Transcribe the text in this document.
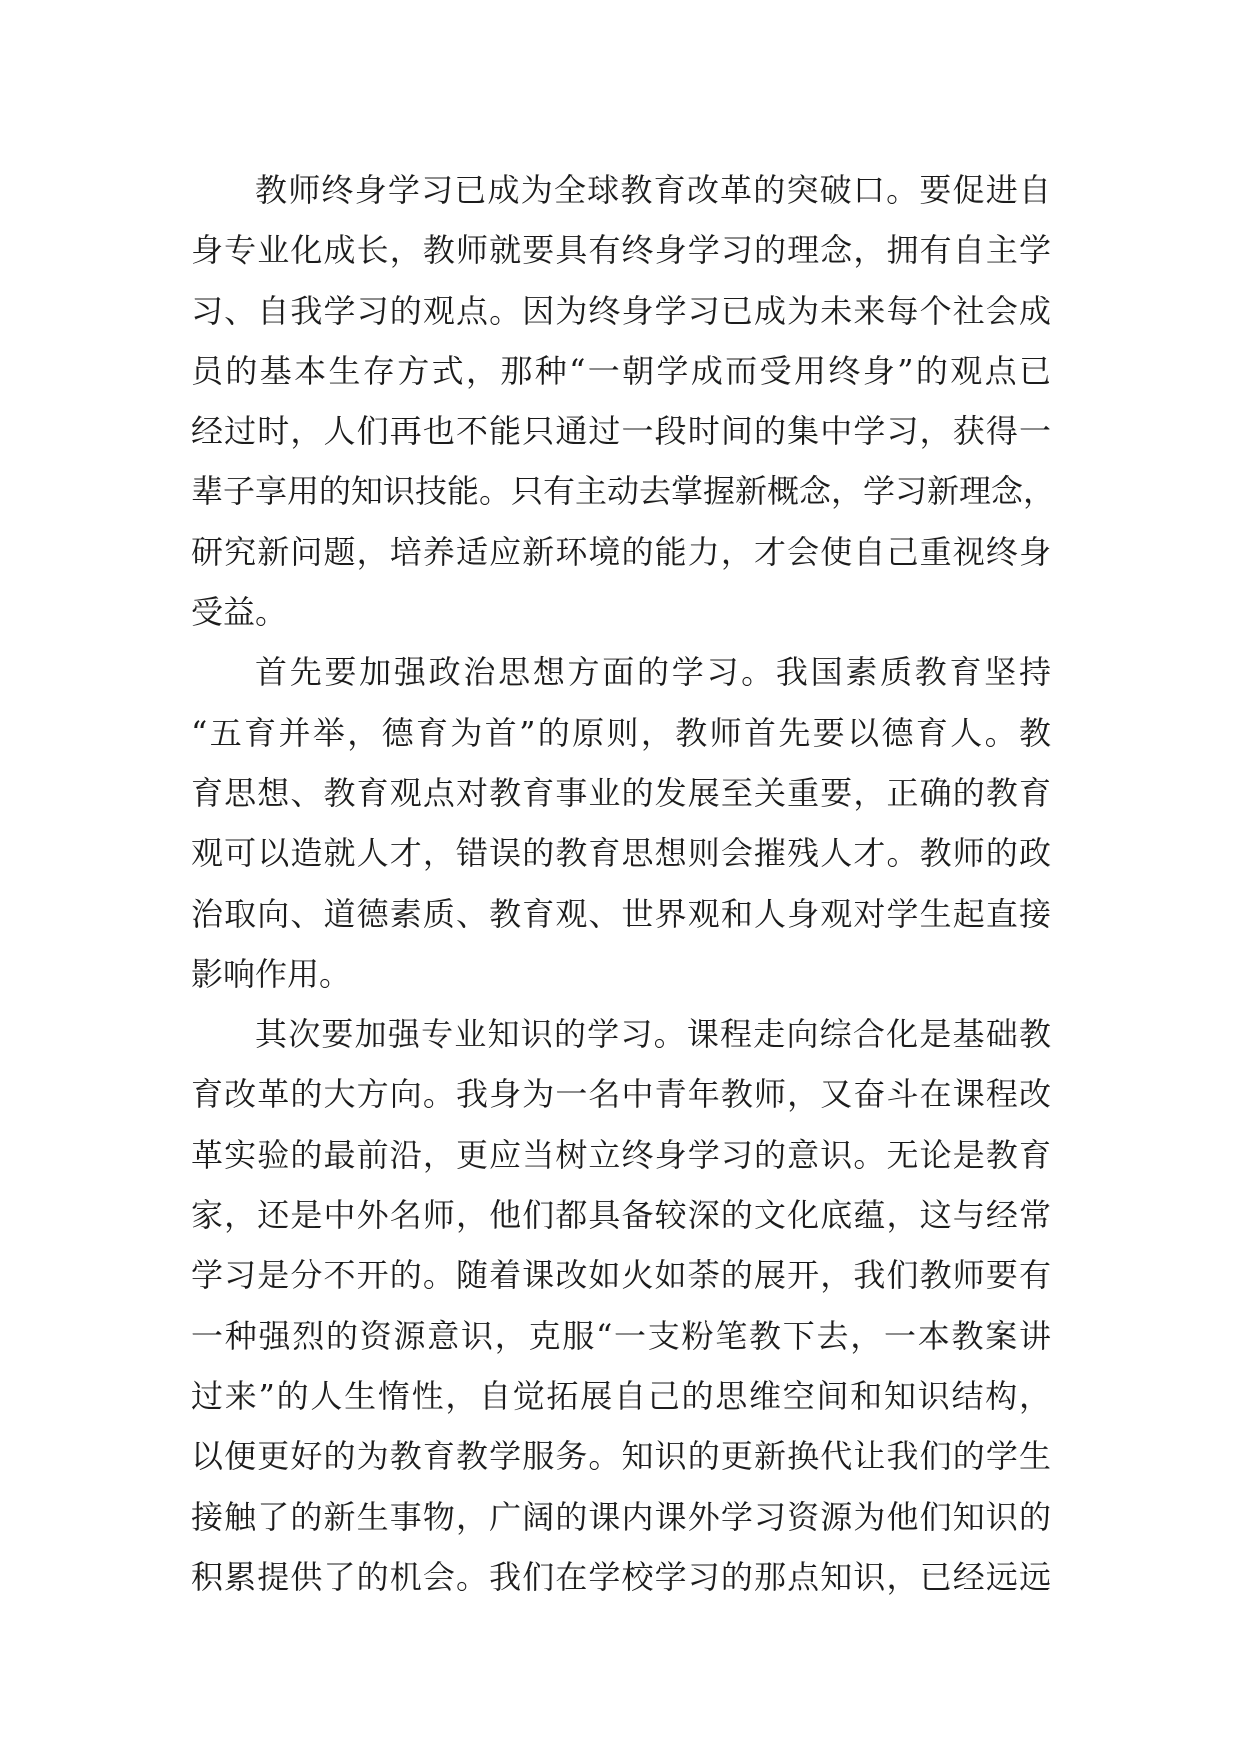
教师终身学习已成为全球教育改革的突破口。要促进自
身专业化成长，教师就要具有终身学习的理念，拥有自主学
习、自我学习的观点。因为终身学习已成为未来每个社会成
员的基本生存方式，那种“一朝学成而受用终身”的观点已
经过时，人们再也不能只通过一段时间的集中学习，获得一
辈子享用的知识技能。只有主动去掌握新概念，学习新理念，
研究新问题，培养适应新环境的能力，才会使自己重视终身
受益。
首先要加强政治思想方面的学习。我国素质教育坚持
“五育并举，德育为首”的原则，教师首先要以德育人。教
育思想、教育观点对教育事业的发展至关重要，正确的教育
观可以造就人才，错误的教育思想则会摧残人才。教师的政
治取向、道德素质、教育观、世界观和人身观对学生起直接
影响作用。
其次要加强专业知识的学习。课程走向综合化是基础教
育改革的大方向。我身为一名中青年教师，又奋斗在课程改
革实验的最前沿，更应当树立终身学习的意识。无论是教育
家，还是中外名师，他们都具备较深的文化底蕴，这与经常
学习是分不开的。随着课改如火如荼的展开，我们教师要有
一种强烈的资源意识，克服“一支粉笔教下去，一本教案讲
过来”的人生惰性，自觉拓展自己的思维空间和知识结构，
以便更好的为教育教学服务。知识的更新换代让我们的学生
接触了的新生事物，广阔的课内课外学习资源为他们知识的
积累提供了的机会。我们在学校学习的那点知识，已经远远
